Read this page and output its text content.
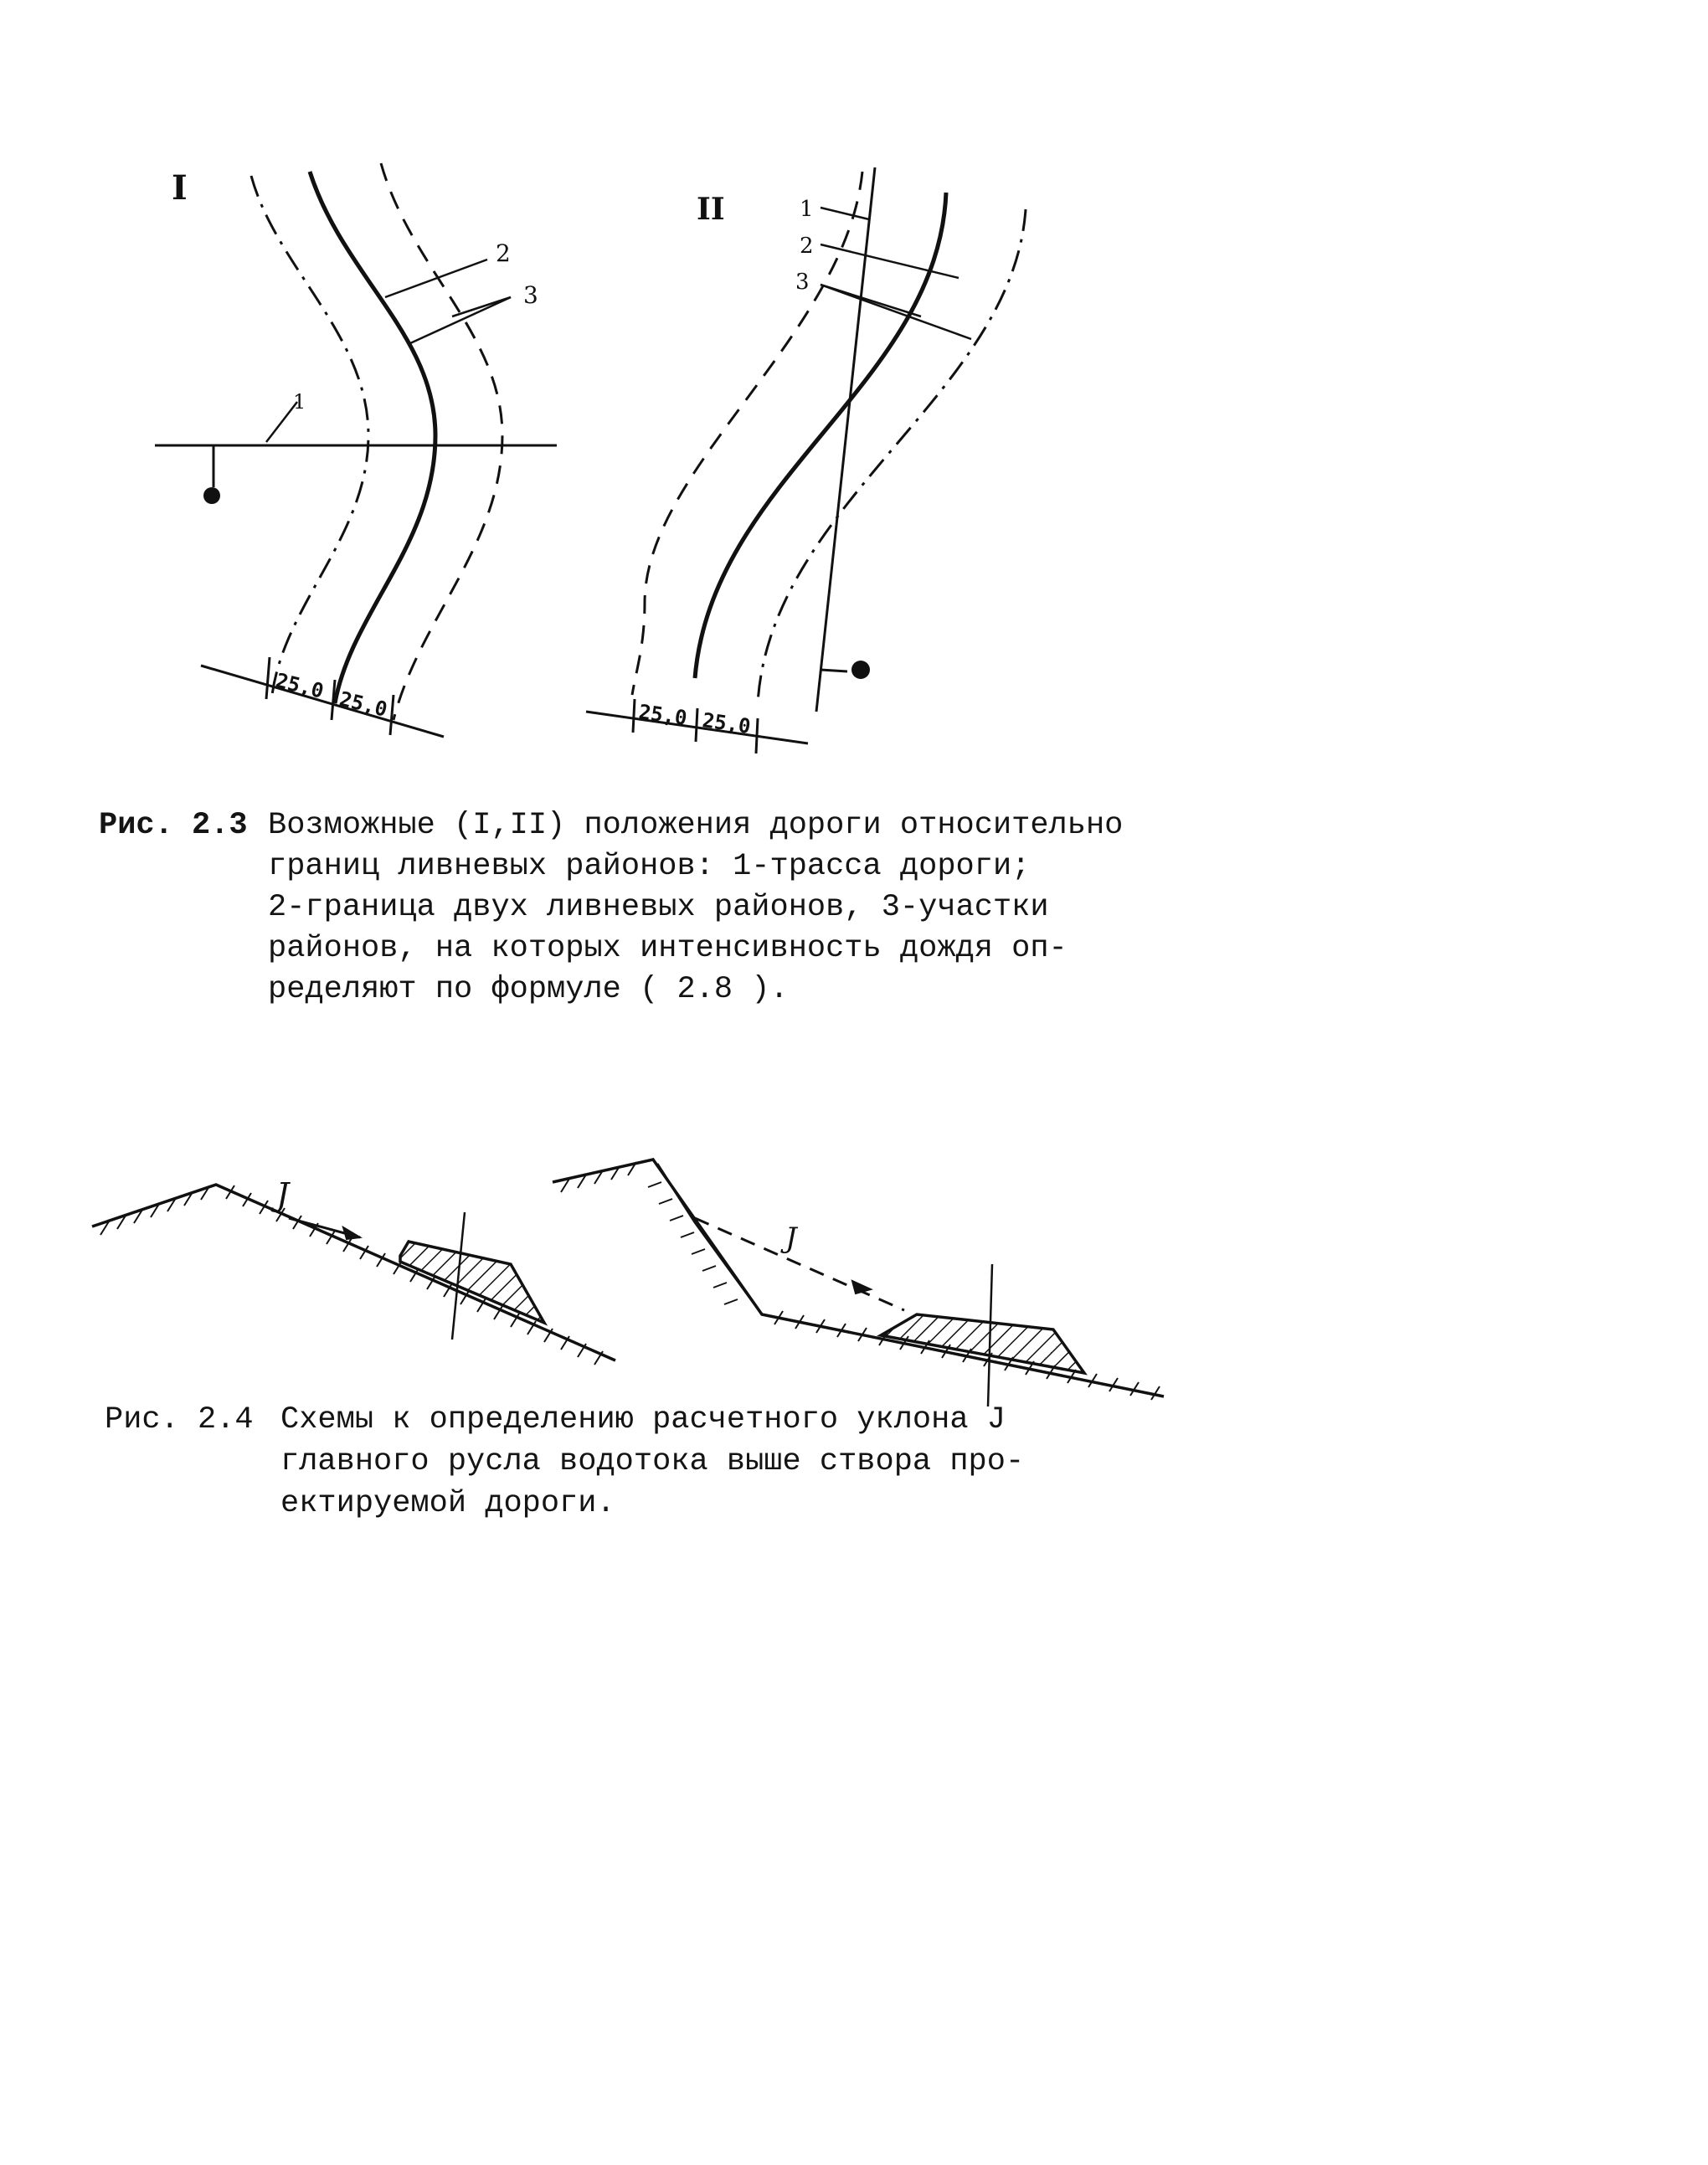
I
2
3
1
25,0
25,0
II	1
2
3
25,0 25,0
J
J
Рис. 2.3 Возможные (I,II) положения дороги относительно
границ ливневых районов: 1-трасса дороги;
2-граница двух ливневых районов, 3-участки
районов, на которых интенсивность дождя оп-
ределяют по формуле ( 2.8 ).
Рис. 2.4 Схемы к определению расчетного уклона J
главного русла водотока выше створа про-
ектируемой дороги.
